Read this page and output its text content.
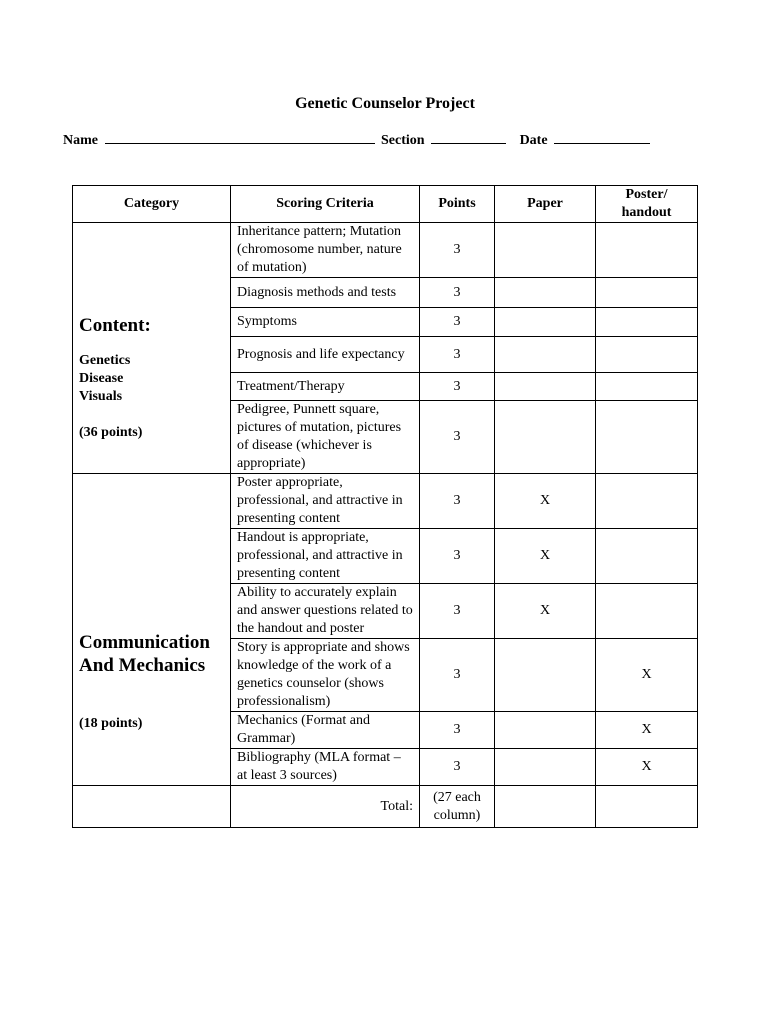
Genetic Counselor Project
Name	Section	Date
Category	Scoring Criteria	Points	Paper	Poster/ handout

Content:
Genetics
Disease
Visuals
(36 points)	Inheritance pattern; Mutation (chromosome number, nature of mutation)	3		
	Diagnosis methods and tests	3		
	Symptoms	3		
	Prognosis and life expectancy	3		
	Treatment/Therapy	3		
	Pedigree, Punnett square, pictures of mutation, pictures of disease (whichever is appropriate)	3		

Communication And Mechanics
(18 points)	Poster appropriate, professional, and attractive in presenting content	3	X	
	Handout is appropriate, professional, and attractive in presenting content	3	X	
	Ability to accurately explain and answer questions related to the handout and poster	3	X	
	Story is appropriate and shows knowledge of the work of a genetics counselor (shows professionalism)	3		X
	Mechanics (Format and Grammar)	3		X
	Bibliography (MLA format – at least 3 sources)	3		X
	Total:	(27 each column)		
